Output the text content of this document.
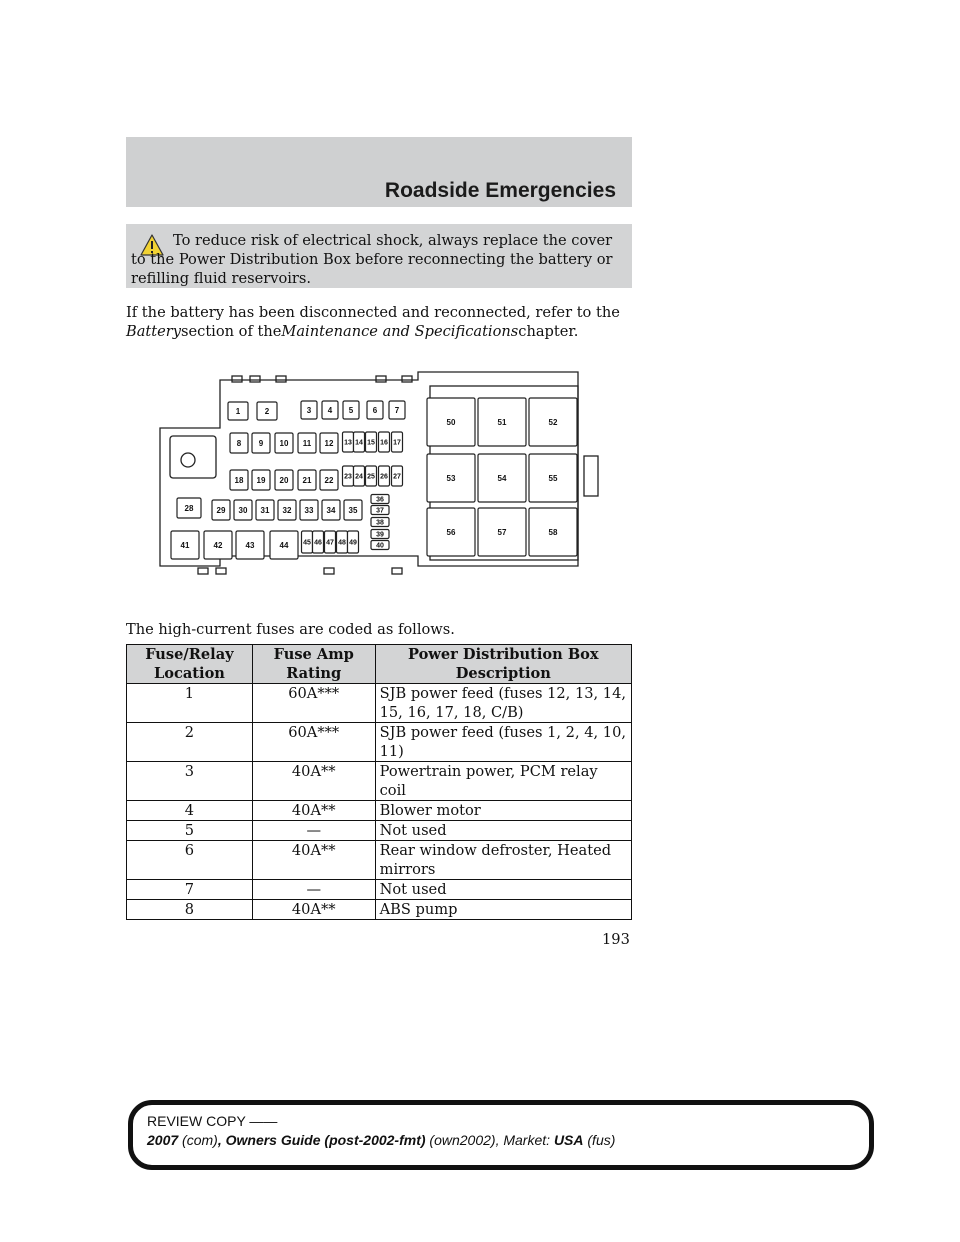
Roadside Emergencies

To reduce risk of electrical shock, always replace the cover to the Power Distribution Box before reconnecting the battery or refilling fluid reservoirs.

If the battery has been disconnected and reconnected, refer to the Batterysection of theMaintenance and Specificationschapter.

1	2	3 4 5 6 7
8 9 10 11 12 13 14 15 16 17
18 19 20 21 22 23 24 25 26 27
28	29 30 31 32 33 34 35
36
37
38
39
40
41	42	43	44 45 46 47 48 49
50	51	52
53	54	55
56	57	58

The high-current fuses are coded as follows.

Fuse/Relay Location	Fuse Amp Rating	Power Distribution Box Description
1	60A***	SJB power feed (fuses 12, 13, 14, 15, 16, 17, 18, C/B)
2	60A***	SJB power feed (fuses 1, 2, 4, 10, 11)
3	40A**	Powertrain power, PCM relay coil
4	40A**	Blower motor
5	—	Not used
6	40A**	Rear window defroster, Heated mirrors
7	—	Not used
8	40A**	ABS pump
193
REVIEW COPY ——
2007 (com), Owners Guide (post-2002-fmt) (own2002), Market: USA (fus)
